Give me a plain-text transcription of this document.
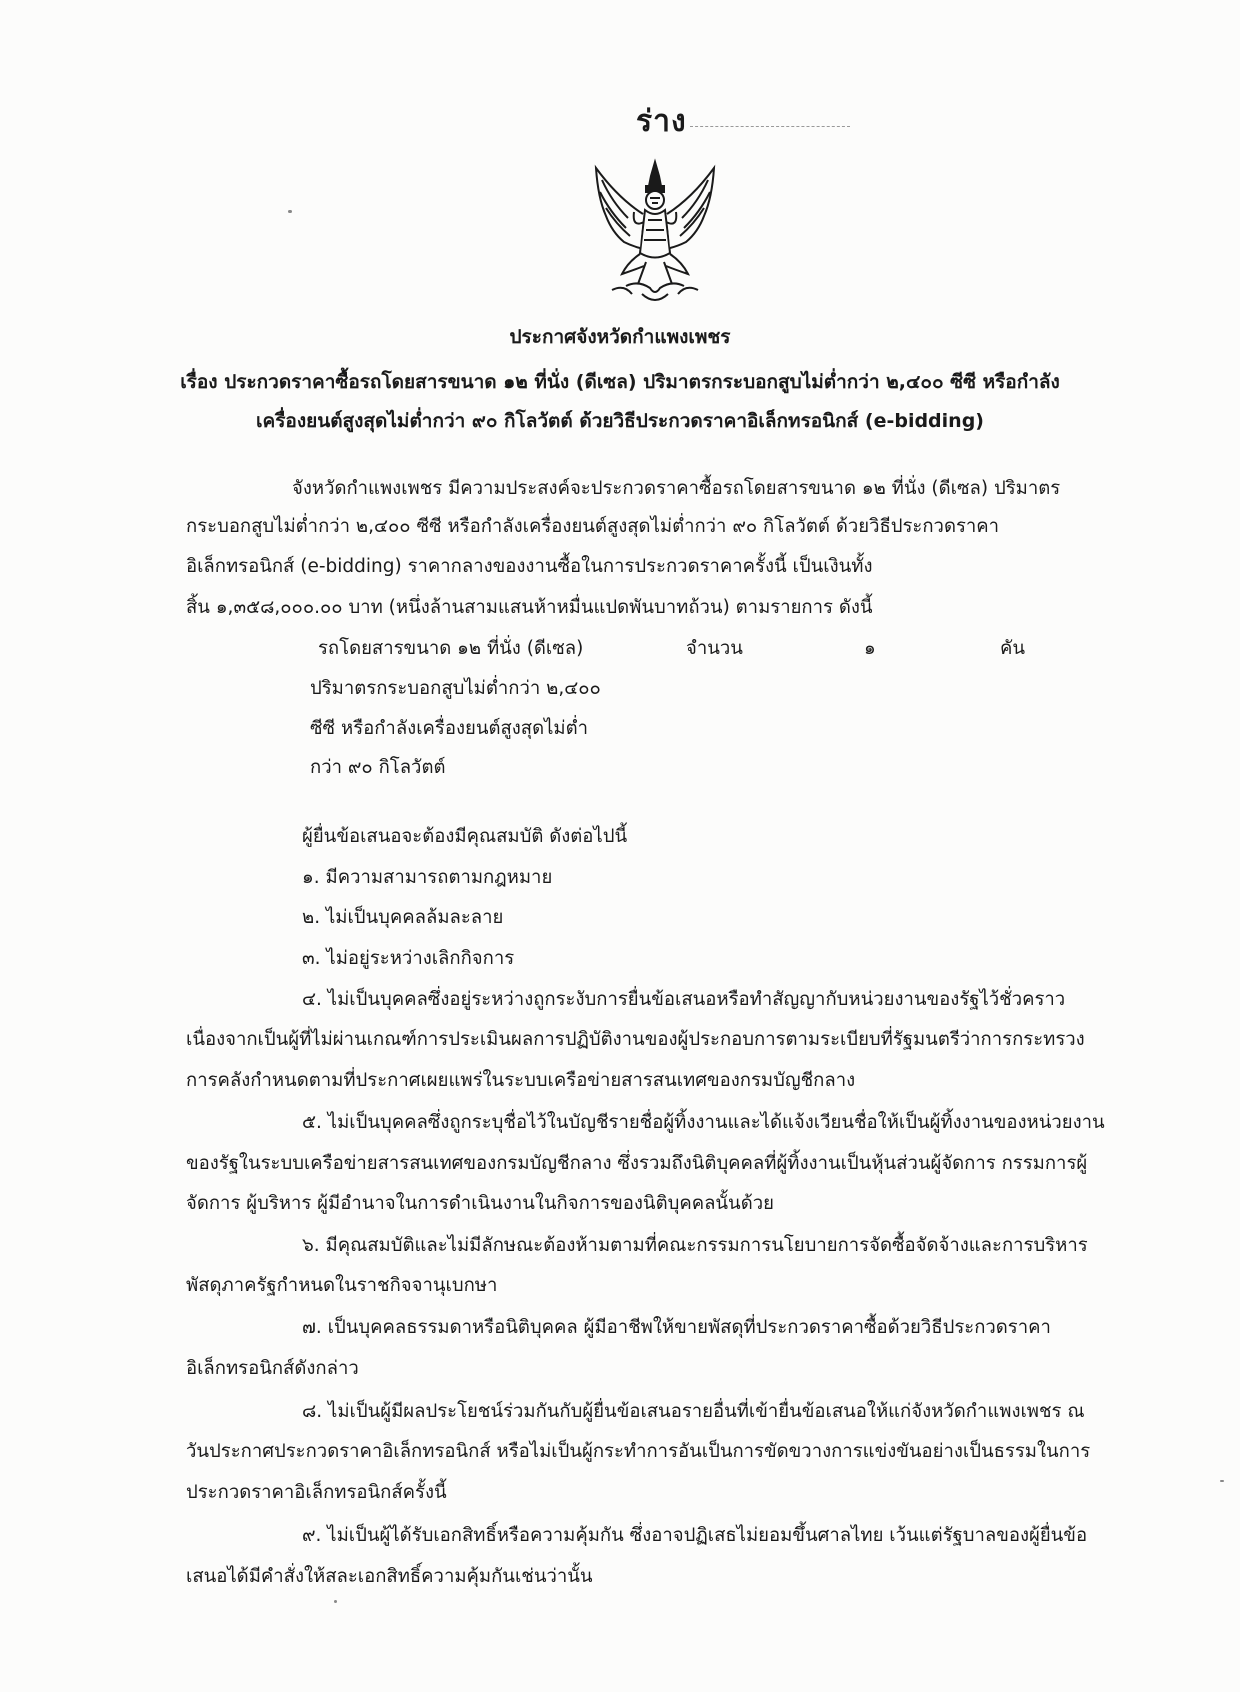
ร่าง
ประกาศจังหวัดกำแพงเพชร
เรื่อง ประกวดราคาซื้อรถโดยสารขนาด ๑๒ ที่นั่ง (ดีเซล) ปริมาตรกระบอกสูบไม่ต่ำกว่า ๒,๔๐๐ ซีซี หรือกำลัง
เครื่องยนต์สูงสุดไม่ต่ำกว่า ๙๐ กิโลวัตต์ ด้วยวิธีประกวดราคาอิเล็กทรอนิกส์ (e-bidding)
จังหวัดกำแพงเพชร มีความประสงค์จะประกวดราคาซื้อรถโดยสารขนาด ๑๒ ที่นั่ง (ดีเซล) ปริมาตร
กระบอกสูบไม่ต่ำกว่า ๒,๔๐๐ ซีซี หรือกำลังเครื่องยนต์สูงสุดไม่ต่ำกว่า ๙๐ กิโลวัตต์ ด้วยวิธีประกวดราคา
อิเล็กทรอนิกส์ (e-bidding) ราคากลางของงานซื้อในการประกวดราคาครั้งนี้ เป็นเงินทั้ง
สิ้น ๑,๓๕๘,๐๐๐.๐๐ บาท (หนึ่งล้านสามแสนห้าหมื่นแปดพันบาทถ้วน) ตามรายการ ดังนี้
รถโดยสารขนาด ๑๒ ที่นั่ง (ดีเซล)	จำนวน	๑	คัน
ปริมาตรกระบอกสูบไม่ต่ำกว่า ๒,๔๐๐
ซีซี หรือกำลังเครื่องยนต์สูงสุดไม่ต่ำ
กว่า ๙๐ กิโลวัตต์
ผู้ยื่นข้อเสนอจะต้องมีคุณสมบัติ ดังต่อไปนี้
๑. มีความสามารถตามกฎหมาย
๒. ไม่เป็นบุคคลล้มละลาย
๓. ไม่อยู่ระหว่างเลิกกิจการ
๔. ไม่เป็นบุคคลซึ่งอยู่ระหว่างถูกระงับการยื่นข้อเสนอหรือทำสัญญากับหน่วยงานของรัฐไว้ชั่วคราว
เนื่องจากเป็นผู้ที่ไม่ผ่านเกณฑ์การประเมินผลการปฏิบัติงานของผู้ประกอบการตามระเบียบที่รัฐมนตรีว่าการกระทรวง
การคลังกำหนดตามที่ประกาศเผยแพร่ในระบบเครือข่ายสารสนเทศของกรมบัญชีกลาง
๕. ไม่เป็นบุคคลซึ่งถูกระบุชื่อไว้ในบัญชีรายชื่อผู้ทิ้งงานและได้แจ้งเวียนชื่อให้เป็นผู้ทิ้งงานของหน่วยงาน
ของรัฐในระบบเครือข่ายสารสนเทศของกรมบัญชีกลาง ซึ่งรวมถึงนิติบุคคลที่ผู้ทิ้งงานเป็นหุ้นส่วนผู้จัดการ กรรมการผู้
จัดการ ผู้บริหาร ผู้มีอำนาจในการดำเนินงานในกิจการของนิติบุคคลนั้นด้วย
๖. มีคุณสมบัติและไม่มีลักษณะต้องห้ามตามที่คณะกรรมการนโยบายการจัดซื้อจัดจ้างและการบริหาร
พัสดุภาครัฐกำหนดในราชกิจจานุเบกษา
๗. เป็นบุคคลธรรมดาหรือนิติบุคคล ผู้มีอาชีพให้ขายพัสดุที่ประกวดราคาซื้อด้วยวิธีประกวดราคา
อิเล็กทรอนิกส์ดังกล่าว
๘. ไม่เป็นผู้มีผลประโยชน์ร่วมกันกับผู้ยื่นข้อเสนอรายอื่นที่เข้ายื่นข้อเสนอให้แก่จังหวัดกำแพงเพชร ณ
วันประกาศประกวดราคาอิเล็กทรอนิกส์ หรือไม่เป็นผู้กระทำการอันเป็นการขัดขวางการแข่งขันอย่างเป็นธรรมในการ
ประกวดราคาอิเล็กทรอนิกส์ครั้งนี้
๙. ไม่เป็นผู้ได้รับเอกสิทธิ์หรือความคุ้มกัน ซึ่งอาจปฏิเสธไม่ยอมขึ้นศาลไทย เว้นแต่รัฐบาลของผู้ยื่นข้อ
เสนอได้มีคำสั่งให้สละเอกสิทธิ์ความคุ้มกันเช่นว่านั้น
